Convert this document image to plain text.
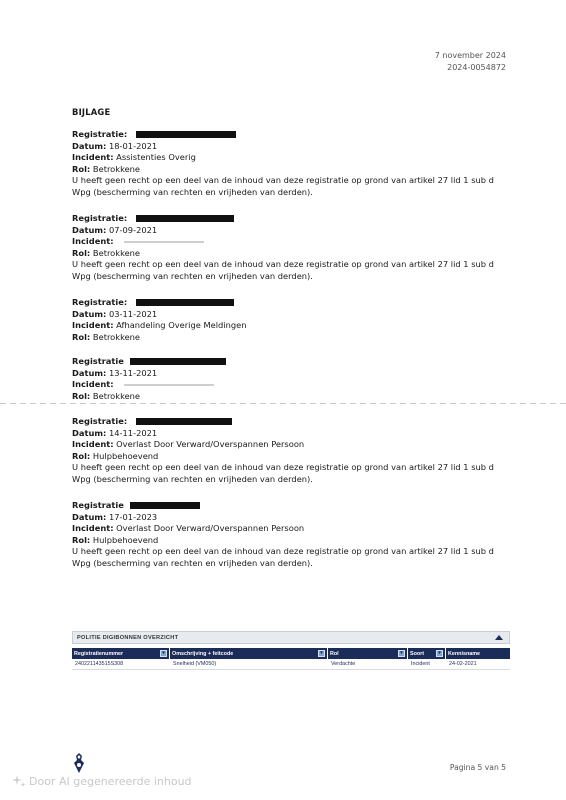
7 november 2024
2024-0054872
BIJLAGE
Registratie:
Datum: 18-01-2021
Incident: Assistenties Overig
Rol: Betrokkene
U heeft geen recht op een deel van de inhoud van deze registratie op grond van artikel 27 lid 1 sub d Wpg (bescherming van rechten en vrijheden van derden).
Registratie:
Datum: 07-09-2021
Incident:
Rol: Betrokkene
U heeft geen recht op een deel van de inhoud van deze registratie op grond van artikel 27 lid 1 sub d Wpg (bescherming van rechten en vrijheden van derden).
Registratie:
Datum: 03-11-2021
Incident: Afhandeling Overige Meldingen
Rol: Betrokkene
Registratie
Datum: 13-11-2021
Incident:
Rol: Betrokkene
Registratie:
Datum: 14-11-2021
Incident: Overlast Door Verward/Overspannen Persoon
Rol: Hulpbehoevend
U heeft geen recht op een deel van de inhoud van deze registratie op grond van artikel 27 lid 1 sub d Wpg (bescherming van rechten en vrijheden van derden).
Registratie
Datum: 17-01-2023
Incident: Overlast Door Verward/Overspannen Persoon
Rol: Hulpbehoevend
U heeft geen recht op een deel van de inhoud van deze registratie op grond van artikel 27 lid 1 sub d Wpg (bescherming van rechten en vrijheden van derden).
POLITIE DIGIBONNEN OVERZICHT
Registratienummer	▾	Omschrijving + feitcode	▾	Rol	▾	Soort	▾	Kennisname
240221143515S308	Snelheid (VM050)	Verdachte	Incident	24-02-2021
Door AI gegenereerde inhoud
Pagina 5 van 5
